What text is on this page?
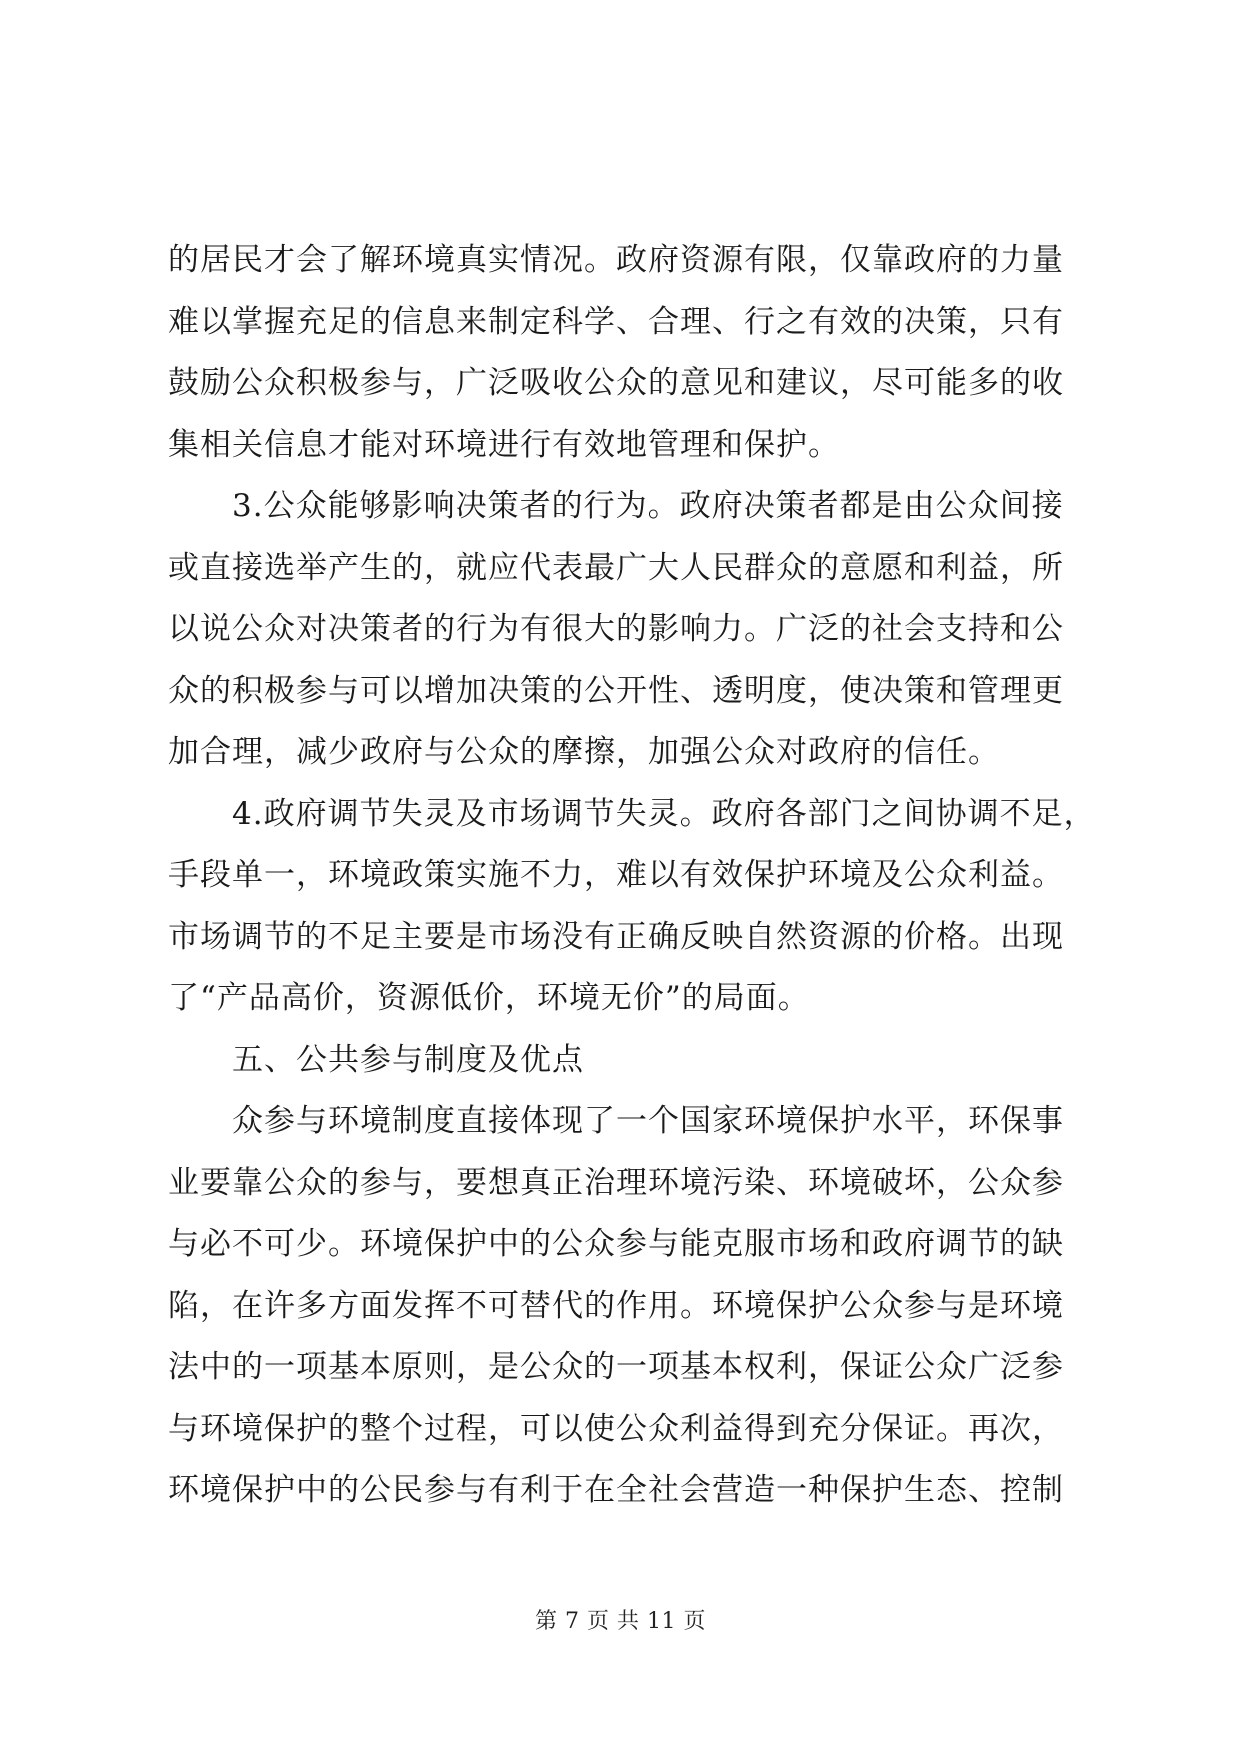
的居民才会了解环境真实情况。政府资源有限，仅靠政府的力量
难以掌握充足的信息来制定科学、合理、行之有效的决策，只有
鼓励公众积极参与，广泛吸收公众的意见和建议，尽可能多的收
集相关信息才能对环境进行有效地管理和保护。
3.公众能够影响决策者的行为。政府决策者都是由公众间接
或直接选举产生的，就应代表最广大人民群众的意愿和利益，所
以说公众对决策者的行为有很大的影响力。广泛的社会支持和公
众的积极参与可以增加决策的公开性、透明度，使决策和管理更
加合理，减少政府与公众的摩擦，加强公众对政府的信任。
4.政府调节失灵及市场调节失灵。政府各部门之间协调不足，
手段单一，环境政策实施不力，难以有效保护环境及公众利益。
市场调节的不足主要是市场没有正确反映自然资源的价格。出现
了“产品高价，资源低价，环境无价”的局面。
五、公共参与制度及优点
众参与环境制度直接体现了一个国家环境保护水平，环保事
业要靠公众的参与，要想真正治理环境污染、环境破坏，公众参
与必不可少。环境保护中的公众参与能克服市场和政府调节的缺
陷，在许多方面发挥不可替代的作用。环境保护公众参与是环境
法中的一项基本原则，是公众的一项基本权利，保证公众广泛参
与环境保护的整个过程，可以使公众利益得到充分保证。再次，
环境保护中的公民参与有利于在全社会营造一种保护生态、控制
第 7 页 共 11 页
